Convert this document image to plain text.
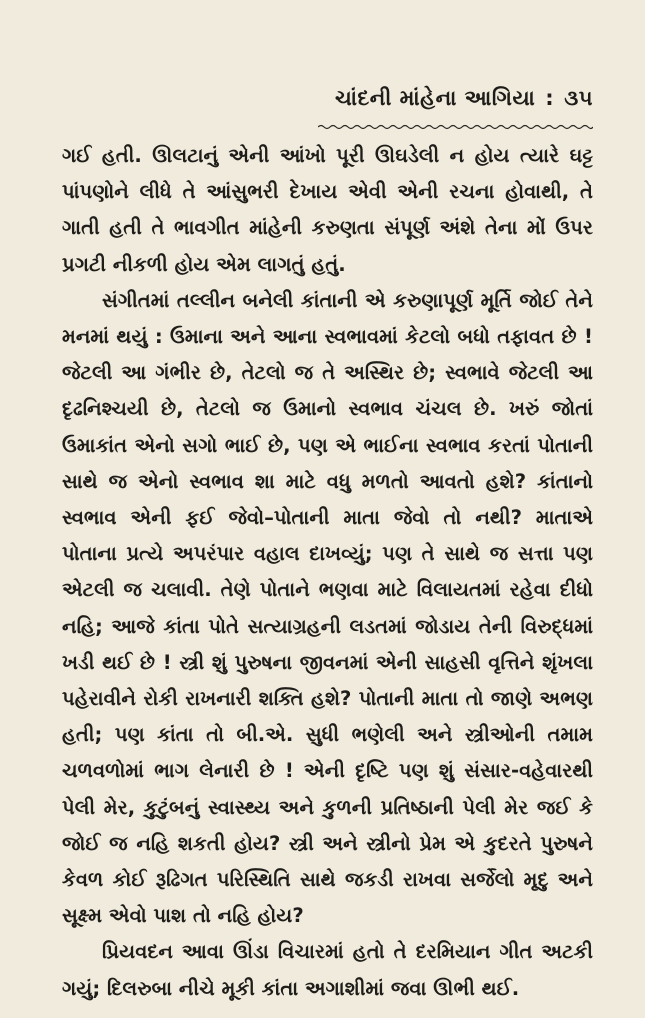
ચાંદની માંહેના આગિયા : ૩૫

ગઈ હતી. ઊલટાનું એની આંખો પૂરી ઊઘડેલી ન હોય ત્યારે ઘટ્ટ પાંપણોને લીધે તે આંસુભરી દેખાય એવી એની રચના હોવાથી, તે ગાતી હતી તે ભાવગીત માંહેની કરુણતા સંપૂર્ણ અંશે તેના મોં ઉપર પ્રગટી નીકળી હોય એમ લાગતું હતું.

સંગીતમાં તલ્લીન બનેલી કાંતાની એ કરુણાપૂર્ણ મૂર્તિ જોઈ તેને મનમાં થયું : ઉમાના અને આના સ્વભાવમાં કેટલો બધો તફાવત છે ! જેટલી આ ગંભીર છે, તેટલો જ તે અસ્થિર છે; સ્વભાવે જેટલી આ દૃઢનિશ્ચયી છે, તેટલો જ ઉમાનો સ્વભાવ ચંચલ છે. ખરું જોતાં ઉમાકાંત એનો સગો ભાઈ છે, પણ એ ભાઈના સ્વભાવ કરતાં પોતાની સાથે જ એનો સ્વભાવ શા માટે વધુ મળતો આવતો હશે? કાંતાનો સ્વભાવ એની ફઈ જેવો–પોતાની માતા જેવો તો નથી? માતાએ પોતાના પ્રત્યે અપરંપાર વહાલ દાખવ્યું; પણ તે સાથે જ સત્તા પણ એટલી જ ચલાવી. તેણે પોતાને ભણવા માટે વિલાયતમાં રહેવા દીધો નહિ; આજે કાંતા પોતે સત્યાગ્રહની લડતમાં જોડાય તેની વિરુદ્ધમાં ખડી થઈ છે ! સ્ત્રી શું પુરુષના જીવનમાં એની સાહસી વૃત્તિને શૃંખલા પહેરાવીને રોકી રાખનારી શક્તિ હશે? પોતાની માતા તો જાણે અભણ હતી; પણ કાંતા તો બી.એ. સુધી ભણેલી અને સ્ત્રીઓની તમામ ચળવળોમાં ભાગ લેનારી છે ! એની દૃષ્ટિ પણ શું સંસાર-વહેવારથી પેલી મેર, કુટુંબનું સ્વાસ્થ્ય અને કુળની પ્રતિષ્ઠાની પેલી મેર જઈ કે જોઈ જ નહિ શકતી હોય? સ્ત્રી અને સ્ત્રીનો પ્રેમ એ કુદરતે પુરુષને કેવળ કોઈ રૂઢિગત પરિસ્થિતિ સાથે જકડી રાખવા સર્જેલો મૃદુ અને સૂક્ષ્મ એવો પાશ તો નહિ હોય?

પ્રિયવદન આવા ઊંડા વિચારમાં હતો તે દરમિયાન ગીત અટકી ગયું; દિલરુબા નીચે મૂકી કાંતા અગાશીમાં જવા ઊભી થઈ.
